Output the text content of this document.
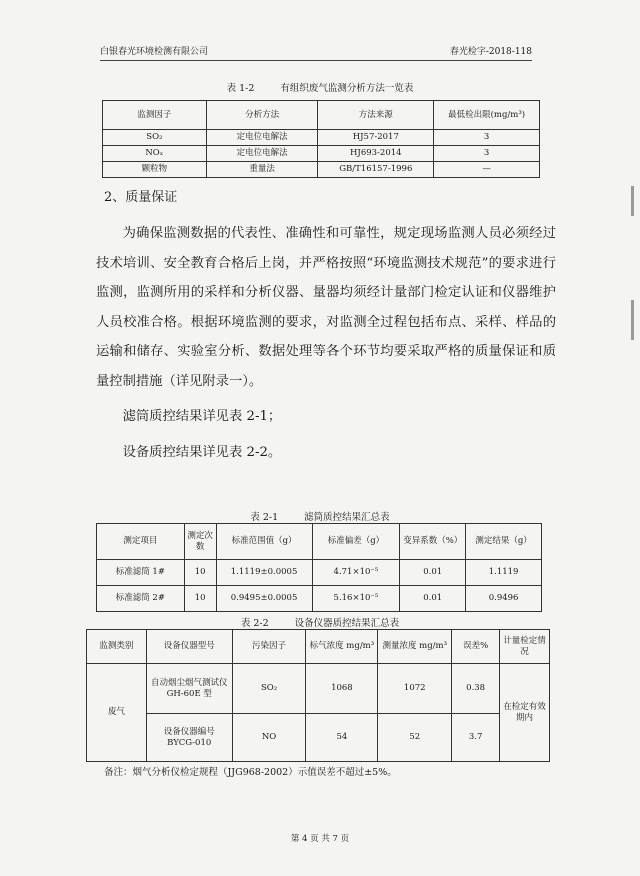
白银春光环境检测有限公司	春光检字-2018-118
表 1-2	有组织废气监测分析方法一览表
监测因子	分析方法	方法来源	最低检出限(mg/m³)
SO₂	定电位电解法	HJ57-2017	3
NOₓ	定电位电解法	HJ693-2014	3
颗粒物	重量法	GB/T16157-1996	—
2、质量保证

为确保监测数据的代表性、准确性和可靠性，规定现场监测人员必须经过技术培训、安全教育合格后上岗，并严格按照“环境监测技术规范”的要求进行监测，监测所用的采样和分析仪器、量器均须经计量部门检定认证和仪器维护人员校准合格。根据环境监测的要求，对监测全过程包括布点、采样、样品的运输和储存、实验室分析、数据处理等各个环节均要采取严格的质量保证和质量控制措施（详见附录一）。

滤筒质控结果详见表 2-1；

设备质控结果详见表 2-2。

表 2-1	滤筒质控结果汇总表
测定项目	测定次数	标准范围值（g）	标准偏差（g）	变异系数（%）	测定结果（g）
标准滤筒 1#	10	1.1119±0.0005	4.71×10⁻⁵	0.01	1.1119
标准滤筒 2#	10	0.9495±0.0005	5.16×10⁻⁵	0.01	0.9496
表 2-2	设备仪器质控结果汇总表
监测类别	设备仪器型号	污染因子	标气浓度 mg/m³	测量浓度 mg/m³	误差%	计量检定情况
废气	自动烟尘烟气测试仪 GH-60E 型	SO₂	1068	1072	0.38	在检定有效期内
	设备仪器编号 BYCG-010	NO	54	52	3.7	
备注：烟气分析仪检定规程（JJG968-2002）示值误差不超过±5%。
第 4 页 共 7 页
